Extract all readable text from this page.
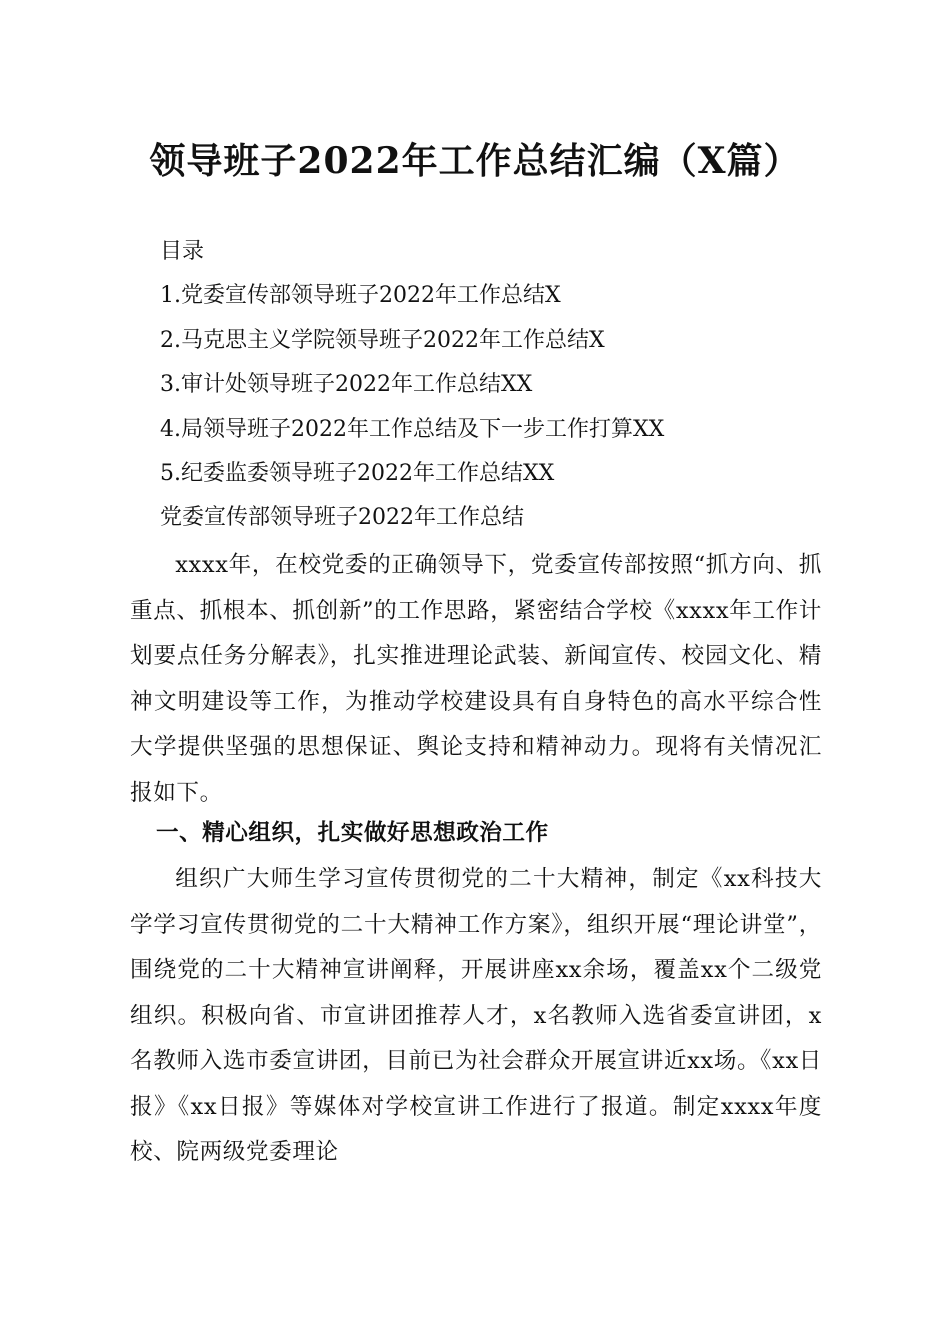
领导班子2022年工作总结汇编（X篇）
目录
1.党委宣传部领导班子2022年工作总结X
2.马克思主义学院领导班子2022年工作总结X
3.审计处领导班子2022年工作总结XX
4.局领导班子2022年工作总结及下一步工作打算XX
5.纪委监委领导班子2022年工作总结XX
党委宣传部领导班子2022年工作总结

xxxx年，在校党委的正确领导下，党委宣传部按照“抓方向、抓重点、抓根本、抓创新”的工作思路，紧密结合学校《xxxx年工作计划要点任务分解表》，扎实推进理论武装、新闻宣传、校园文化、精神文明建设等工作，为推动学校建设具有自身特色的高水平综合性大学提供坚强的思想保证、舆论支持和精神动力。现将有关情况汇报如下。

一、精心组织，扎实做好思想政治工作

组织广大师生学习宣传贯彻党的二十大精神，制定《xx科技大学学习宣传贯彻党的二十大精神工作方案》，组织开展“理论讲堂”，围绕党的二十大精神宣讲阐释，开展讲座xx余场，覆盖xx个二级党组织。积极向省、市宣讲团推荐人才，x名教师入选省委宣讲团，x名教师入选市委宣讲团，目前已为社会群众开展宣讲近xx场。《xx日报》《xx日报》等媒体对学校宣讲工作进行了报道。制定xxxx年度校、院两级党委理论
